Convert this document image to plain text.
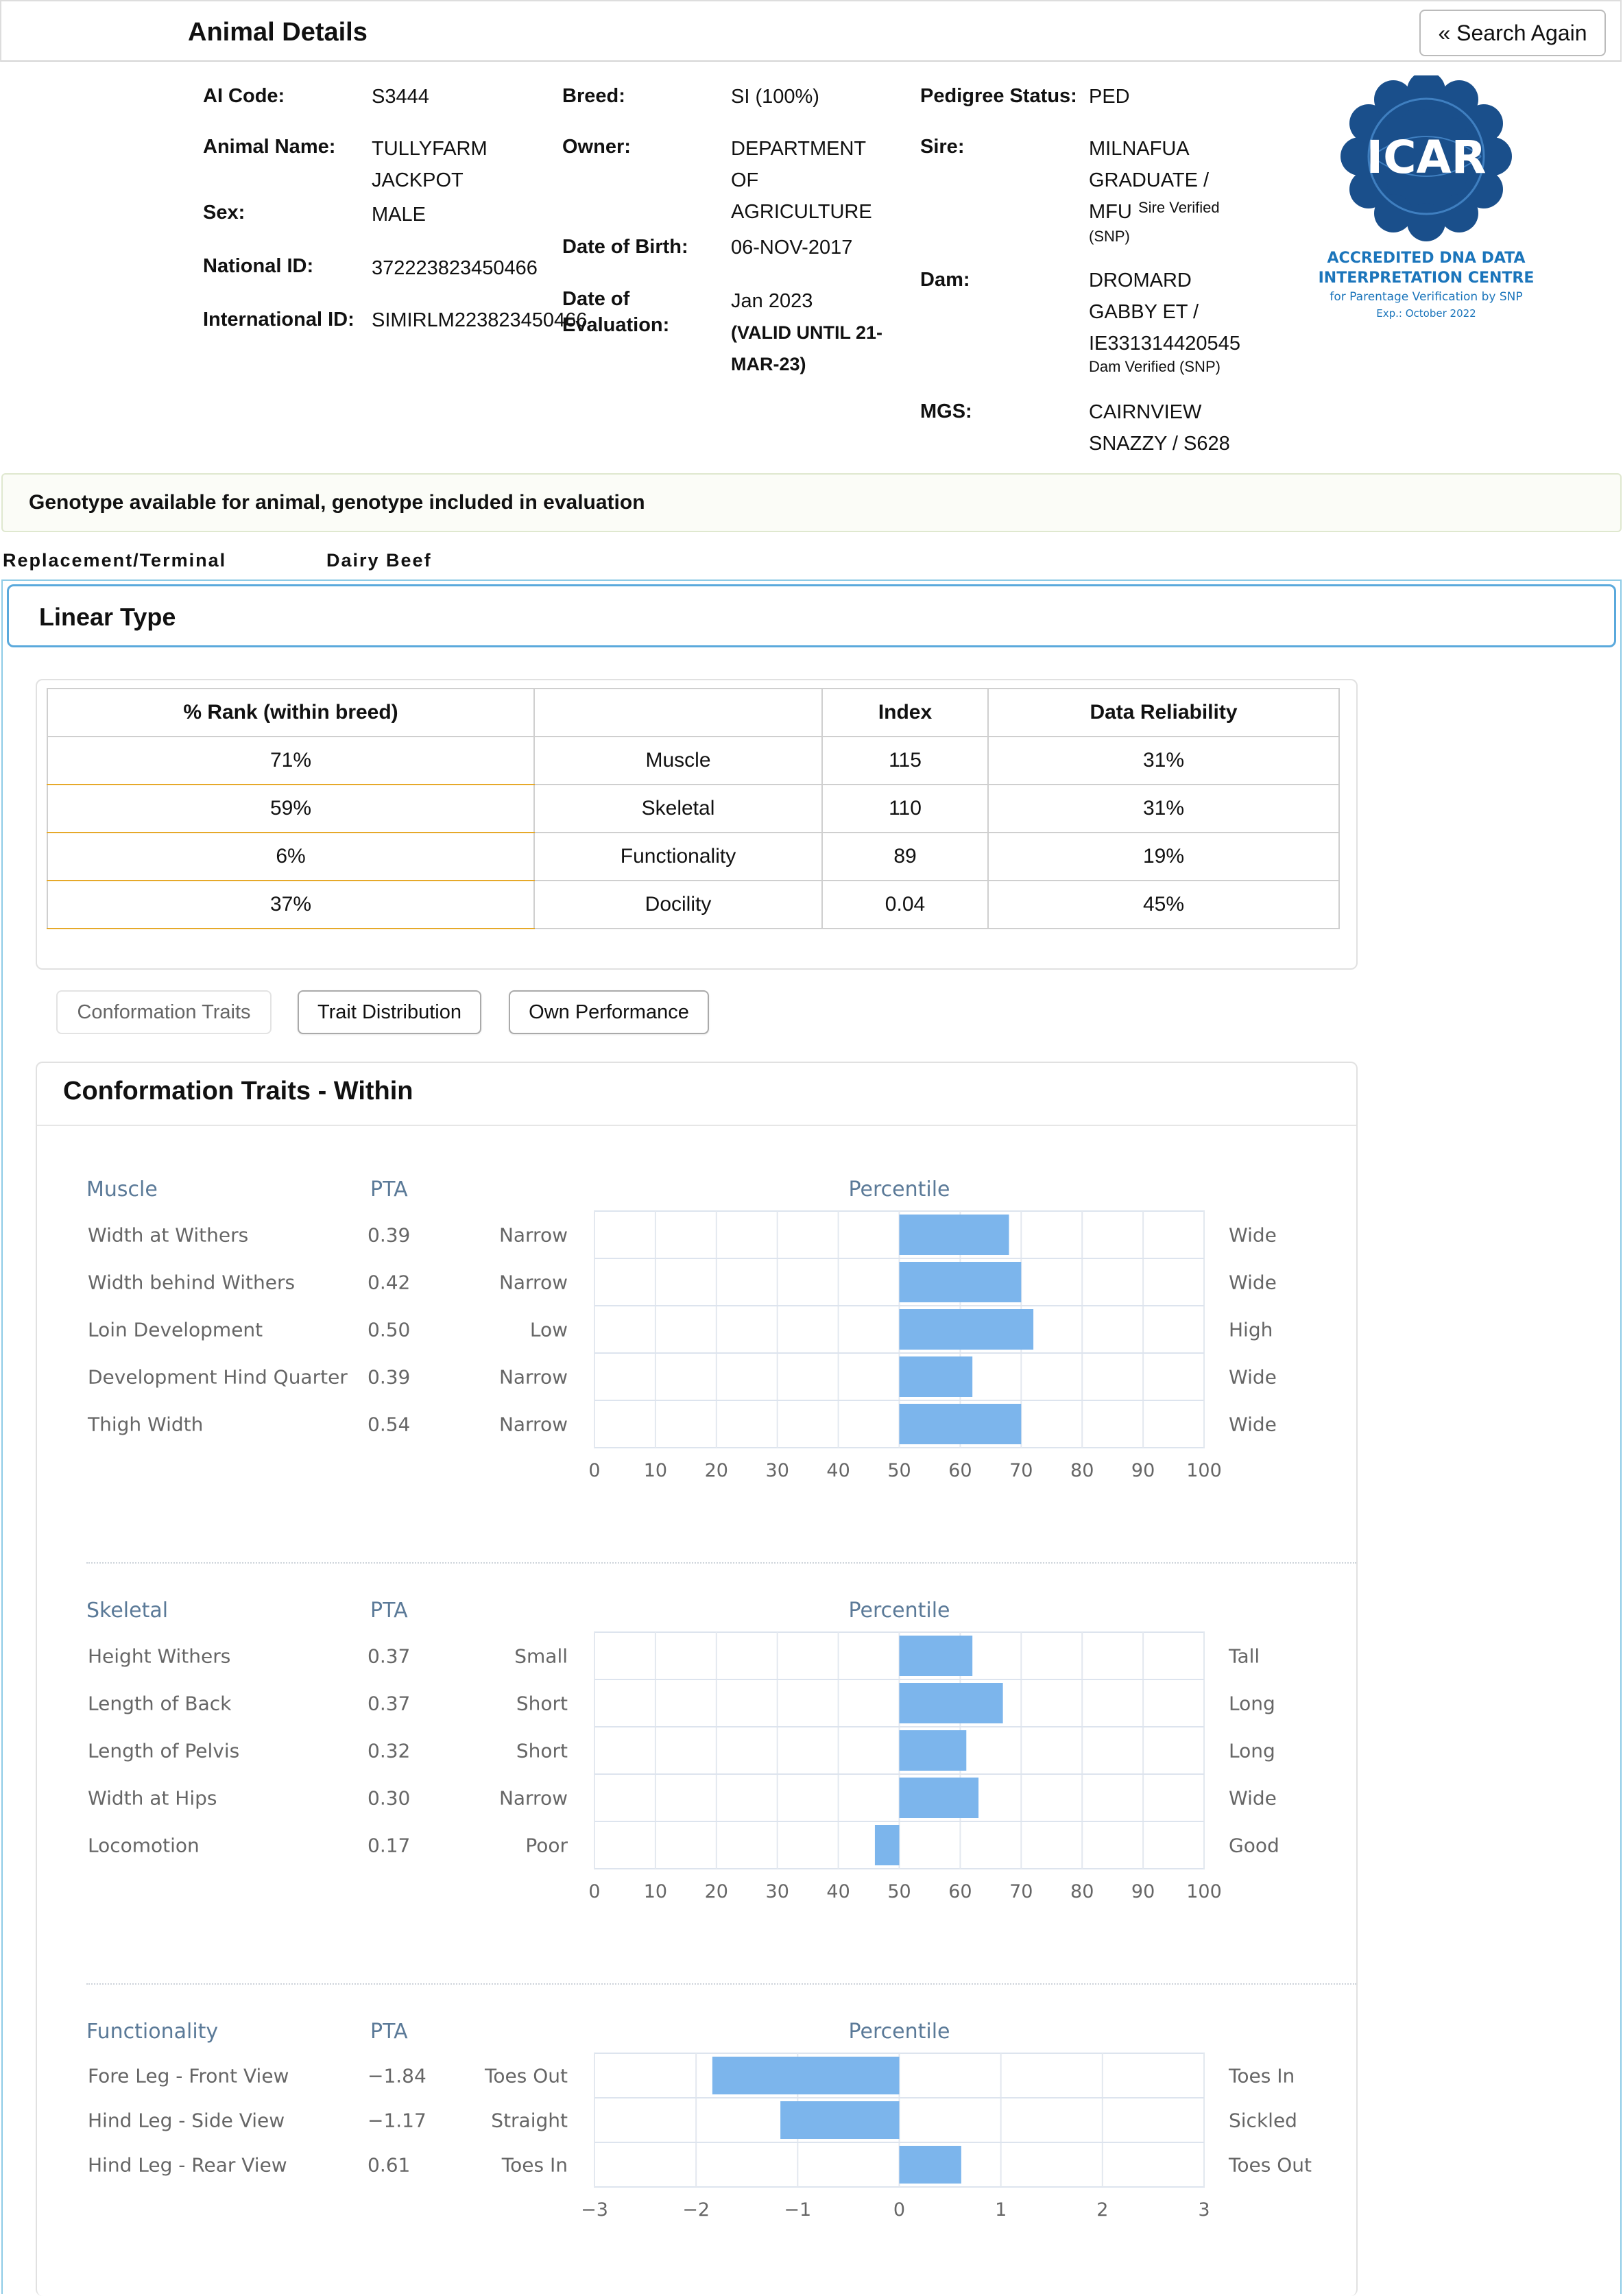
Animal Details	« Search Again
AI Code:	S3444
Animal Name: TULLYFARM
JACKPOT
Sex:	MALE
National ID:	372223823450466
International ID: SIMIRLM223823450466
Breed:	SI (100%)
Owner:	DEPARTMENT
OF
AGRICULTURE
Date of Birth: 06-NOV-2017
Date of
Evaluation:
Jan 2023
(VALID UNTIL 21-
MAR-23)
Pedigree Status: PED
Sire:	MILNAFUA
GRADUATE /
MFU Sire Verified
(SNP)
Dam:	DROMARD
GABBY ET /
IE331314420545
Dam Verified (SNP)
MGS:	CAIRNVIEW
SNAZZY / S628
ICAR
ACCREDITED DNA DATA
INTERPRETATION CENTRE
for Parentage Verification by SNP
Exp.: October 2022
Genotype available for animal, genotype included in evaluation
Replacement/Terminal	Dairy Beef
Linear Type
% Rank (within breed)		Index	Data Reliability
71%	Muscle	115	31%
59%	Skeletal	110	31%
6%	Functionality	89	19%
37%	Docility	0.04	45%
Conformation Traits	Trait Distribution	Own Performance
Conformation Traits - Within
Muscle	PTA	Percentile
Width at Withers	0.39	Narrow	Wide
Width behind Withers	0.42	Narrow	Wide
Loin Development	0.50	Low	High
Development Hind Quarter 0.39	Narrow	Wide
Thigh Width	0.54	Narrow	Wide
0 10 20 30 40 50 60 70 80 90 100
Skeletal	PTA	Percentile
Height Withers	0.37	Small	Tall
Length of Back	0.37	Short	Long
Length of Pelvis	0.32	Short	Long
Width at Hips	0.30	Narrow	Wide
Locomotion	0.17	Poor	Good
0 10 20 30 40 50 60 70 80 90 100
Functionality	PTA	Percentile
Fore Leg - Front View	−1.84	Toes Out	Toes In
Hind Leg - Side View	−1.17	Straight	Sickled
Hind Leg - Rear View	0.61	Toes In	Toes Out
−3	−2	−1	0	1	2	3
